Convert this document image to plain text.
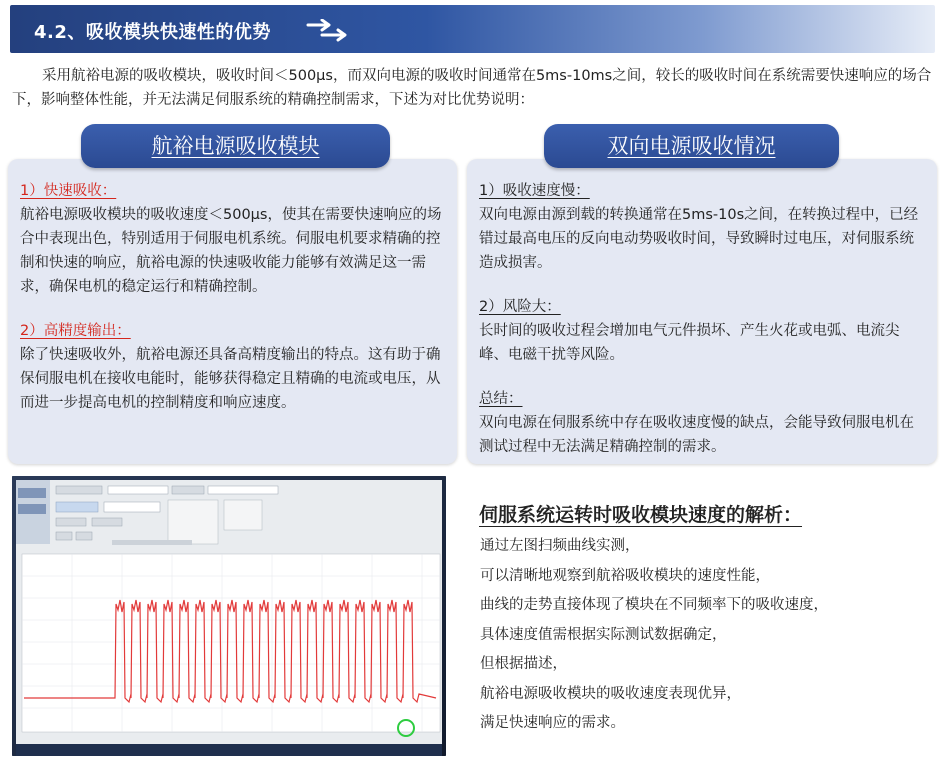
4.2、吸收模块快速性的优势

采用航裕电源的吸收模块，吸收时间＜500μs，而双向电源的吸收时间通常在5ms-10ms之间，较长的吸收时间在系统需要快速响应的场合下，影响整体性能，并无法满足伺服系统的精确控制需求，下述为对比优势说明：

1）快速吸收：

航裕电源吸收模块的吸收速度＜500μs，使其在需要快速响应的场合中表现出色，特别适用于伺服电机系统。伺服电机要求精确的控制和快速的响应，航裕电源的快速吸收能力能够有效满足这一需求，确保电机的稳定运行和精确控制。

2）高精度输出：

除了快速吸收外，航裕电源还具备高精度输出的特点。这有助于确保伺服电机在接收电能时，能够获得稳定且精确的电流或电压，从而进一步提高电机的控制精度和响应速度。

航裕电源吸收模块
1）吸收速度慢：

双向电源由源到载的转换通常在5ms-10s之间，在转换过程中，已经错过最高电压的反向电动势吸收时间，导致瞬时过电压，对伺服系统造成损害。

2）风险大：

长时间的吸收过程会增加电气元件损坏、产生火花或电弧、电流尖峰、电磁干扰等风险。

总结：

双向电源在伺服系统中存在吸收速度慢的缺点，会能导致伺服电机在测试过程中无法满足精确控制的需求。

双向电源吸收情况
伺服系统运转时吸收模块速度的解析：
通过左图扫频曲线实测，
可以清晰地观察到航裕吸收模块的速度性能，
曲线的走势直接体现了模块在不同频率下的吸收速度，
具体速度值需根据实际测试数据确定，
但根据描述，
航裕电源吸收模块的吸收速度表现优异，
满足快速响应的需求。
